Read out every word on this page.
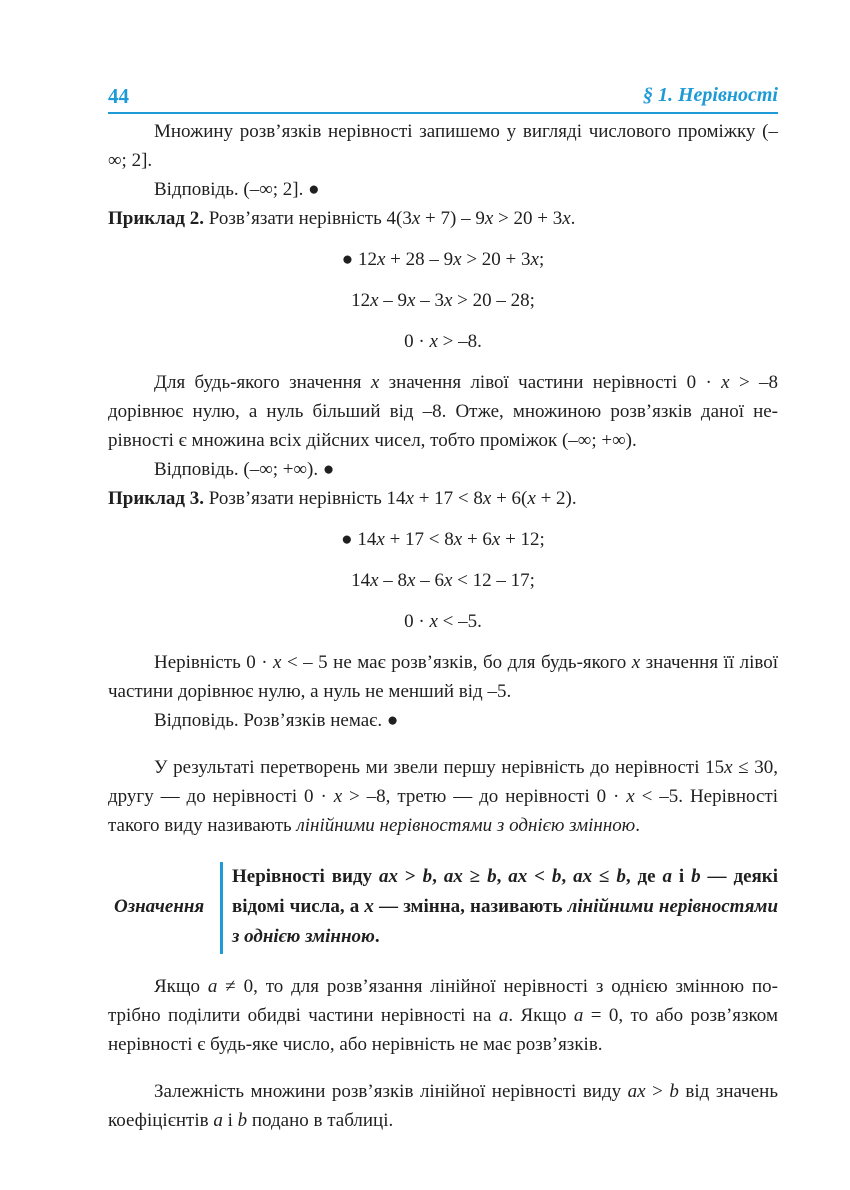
44	§ 1. Нерівності

Множину розв’язків нерівності запишемо у вигляді числового проміжку (–∞; 2].

Відповідь. (–∞; 2]. ●

Приклад 2. Розв’язати нерівність 4(3x + 7) – 9x > 20 + 3x.

● 12x + 28 – 9x > 20 + 3x;

12x – 9x – 3x > 20 – 28;

0 · x > –8.

Для будь-якого значення x значення лівої частини нерівності 0 · x > –8 дорівнює нулю, а нуль більший від –8. Отже, множиною розв’язків даної нерівності є множина всіх дійсних чисел, тобто проміжок (–∞; +∞).

Відповідь. (–∞; +∞). ●

Приклад 3. Розв’язати нерівність 14x + 17 < 8x + 6(x + 2).

● 14x + 17 < 8x + 6x + 12;

14x – 8x – 6x < 12 – 17;

0 · x < –5.

Нерівність 0 · x < – 5 не має розв’язків, бо для будь-якого x значення її лівої частини дорівнює нулю, а нуль не менший від –5.

Відповідь. Розв’язків немає. ●

У результаті перетворень ми звели першу нерівність до нерівності 15x ≤ 30, другу — до нерівності 0 · x > –8, третю — до нерівності 0 · x < –5. Нерівності такого виду називають лінійними нерівностями з однією змінною.

Означення
Нерівності виду ax > b, ax ≥ b, ax < b, ax ≤ b, де a і b — деякі відомі числа, а x — змінна, називають лінійними нерівностями з однією змінною.

Якщо a ≠ 0, то для розв’язання лінійної нерівності з однією змінною потрібно поділити обидві частини нерівності на a. Якщо a = 0, то або розв’язком нерівності є будь-яке число, або нерівність не має розв’язків.

Залежність множини розв’язків лінійної нерівності виду ax > b від значень коефіцієнтів a і b подано в таблиці.
